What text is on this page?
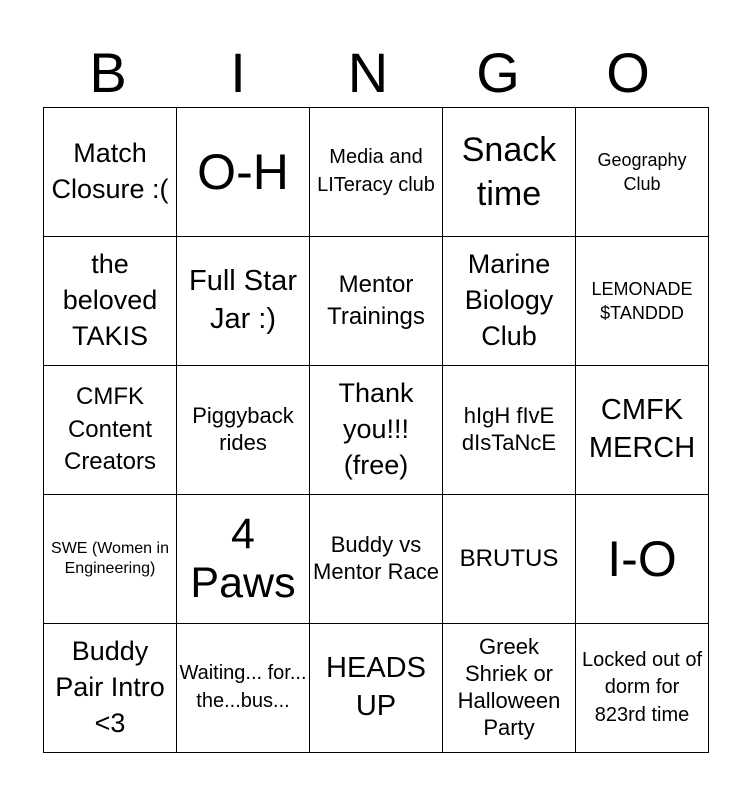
B	I	N	G	O
Match Closure :(	O-H	Media and LITeracy club	Snack time	Geography Club
the beloved TAKIS	Full Star Jar :)	Mentor Trainings	Marine Biology Club	LEMONADE $TANDDD
CMFK Content Creators	Piggyback rides	Thank you!!! (free)	hIgH fIvE dIsTaNcE	CMFK MERCH
SWE (Women in Engineering)	4 Paws	Buddy vs Mentor Race	BRUTUS	I-O
Buddy Pair Intro <3	Waiting... for... the...bus...	HEADS UP	Greek Shriek or Halloween Party	Locked out of dorm for 823rd time
